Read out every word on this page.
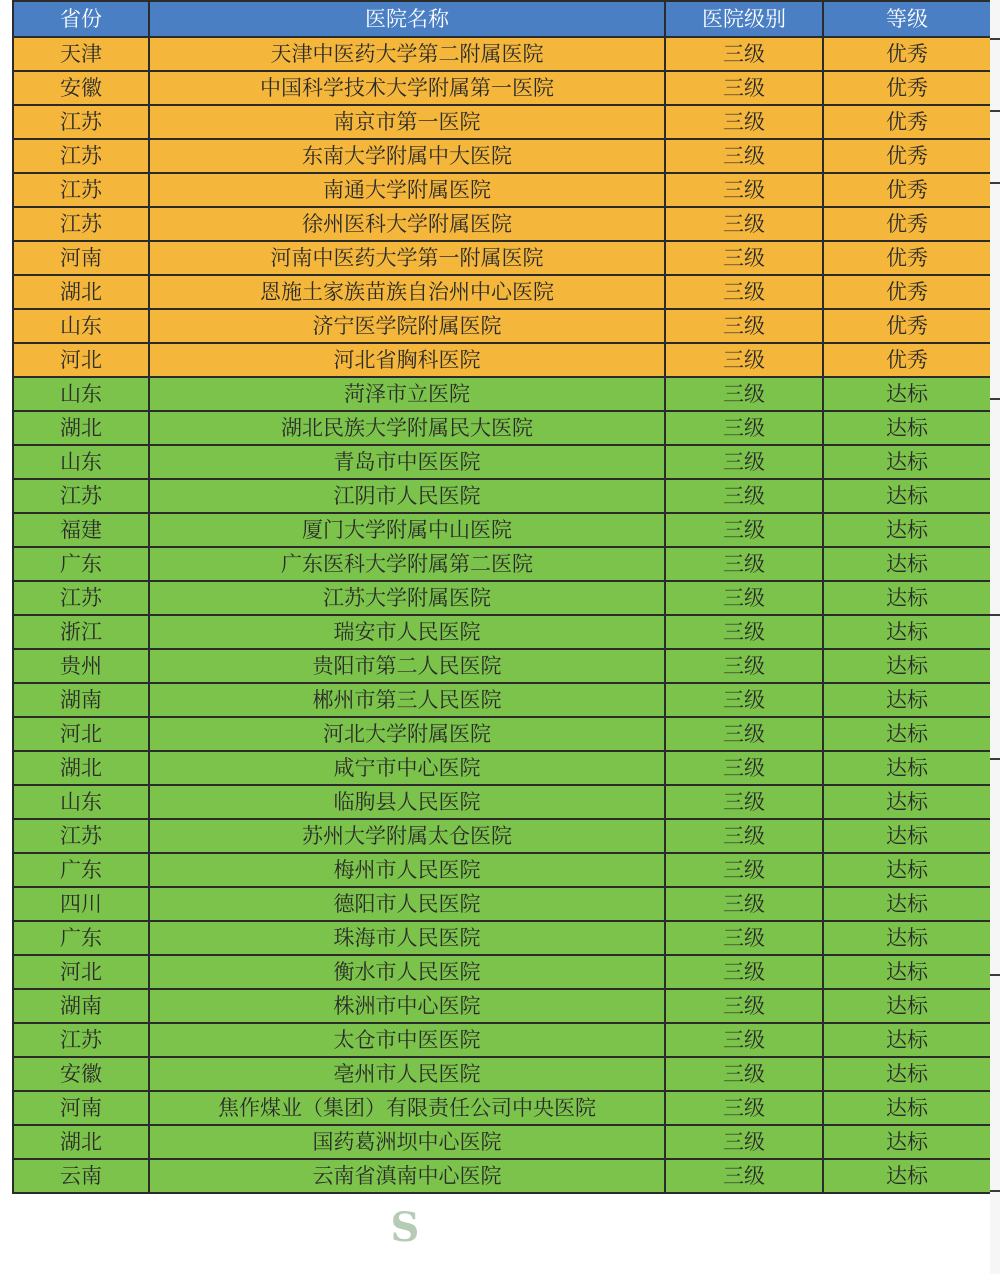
省份	医院名称	医院级别	等级
天津	天津中医药大学第二附属医院	三级	优秀
安徽	中国科学技术大学附属第一医院	三级	优秀
江苏	南京市第一医院	三级	优秀
江苏	东南大学附属中大医院	三级	优秀
江苏	南通大学附属医院	三级	优秀
江苏	徐州医科大学附属医院	三级	优秀
河南	河南中医药大学第一附属医院	三级	优秀
湖北	恩施土家族苗族自治州中心医院	三级	优秀
山东	济宁医学院附属医院	三级	优秀
河北	河北省胸科医院	三级	优秀
山东	菏泽市立医院	三级	达标
湖北	湖北民族大学附属民大医院	三级	达标
山东	青岛市中医医院	三级	达标
江苏	江阴市人民医院	三级	达标
福建	厦门大学附属中山医院	三级	达标
广东	广东医科大学附属第二医院	三级	达标
江苏	江苏大学附属医院	三级	达标
浙江	瑞安市人民医院	三级	达标
贵州	贵阳市第二人民医院	三级	达标
湖南	郴州市第三人民医院	三级	达标
河北	河北大学附属医院	三级	达标
湖北	咸宁市中心医院	三级	达标
山东	临朐县人民医院	三级	达标
江苏	苏州大学附属太仓医院	三级	达标
广东	梅州市人民医院	三级	达标
四川	德阳市人民医院	三级	达标
广东	珠海市人民医院	三级	达标
河北	衡水市人民医院	三级	达标
湖南	株洲市中心医院	三级	达标
江苏	太仓市中医医院	三级	达标
安徽	亳州市人民医院	三级	达标
河南	焦作煤业（集团）有限责任公司中央医院	三级	达标
湖北	国药葛洲坝中心医院	三级	达标
云南	云南省滇南中心医院	三级	达标
S	全程导医网
www.qcdy.com
